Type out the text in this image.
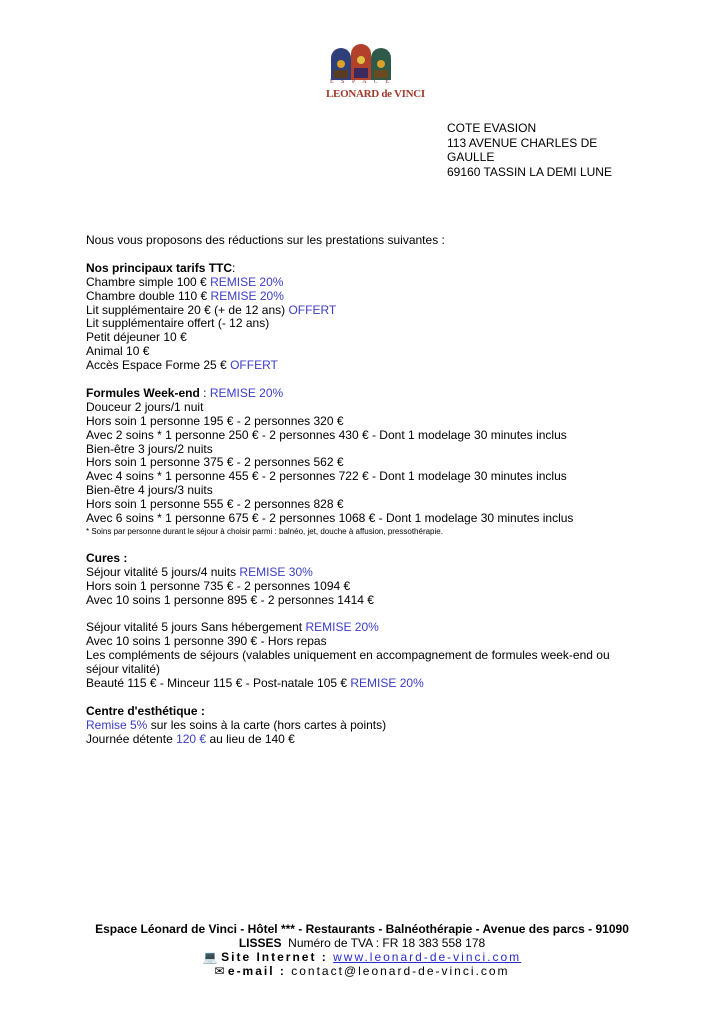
E S P A C E
LEONARD de VINCI
COTE EVASION
113 AVENUE CHARLES DE GAULLE
69160 TASSIN LA DEMI LUNE
Nous vous proposons des réductions sur les prestations suivantes :
Nos principaux tarifs TTC:
Chambre simple 100 € REMISE 20%
Chambre double 110 € REMISE 20%
Lit supplémentaire 20 € (+ de 12 ans) OFFERT
Lit supplémentaire offert (- 12 ans)
Petit déjeuner 10 €
Animal 10 €
Accès Espace Forme 25 € OFFERT
Formules Week-end : REMISE 20%
Douceur 2 jours/1 nuit
Hors soin 1 personne 195 € - 2 personnes 320 €
Avec 2 soins * 1 personne 250 € - 2 personnes 430 € - Dont 1 modelage 30 minutes inclus
Bien-être 3 jours/2 nuits
Hors soin 1 personne 375 € - 2 personnes 562 €
Avec 4 soins * 1 personne 455 € - 2 personnes 722 € - Dont 1 modelage 30 minutes inclus
Bien-être 4 jours/3 nuits
Hors soin 1 personne 555 € - 2 personnes 828 €
Avec 6 soins * 1 personne 675 € - 2 personnes 1068 € - Dont 1 modelage 30 minutes inclus
* Soins par personne durant le séjour à choisir parmi : balnéo, jet, douche à affusion, pressothérapie.
Cures :
Séjour vitalité 5 jours/4 nuits REMISE 30%
Hors soin 1 personne 735 € - 2 personnes 1094 €
Avec 10 soins 1 personne 895 € - 2 personnes 1414 €
Séjour vitalité 5 jours Sans hébergement REMISE 20%
Avec 10 soins 1 personne 390 € - Hors repas
Les compléments de séjours (valables uniquement en accompagnement de formules week-end ou séjour vitalité)
Beauté 115 € - Minceur 115 € - Post-natale 105 € REMISE 20%
Centre d'esthétique :
Remise 5% sur les soins à la carte (hors cartes à points)
Journée détente 120 € au lieu de 140 €
Espace Léonard de Vinci - Hôtel *** - Restaurants - Balnéothérapie - Avenue des parcs - 91090
LISSES  Numéro de TVA : FR 18 383 558 178
💻 Site Internet : www.leonard-de-vinci.com
✉ e-mail : contact@leonard-de-vinci.com
